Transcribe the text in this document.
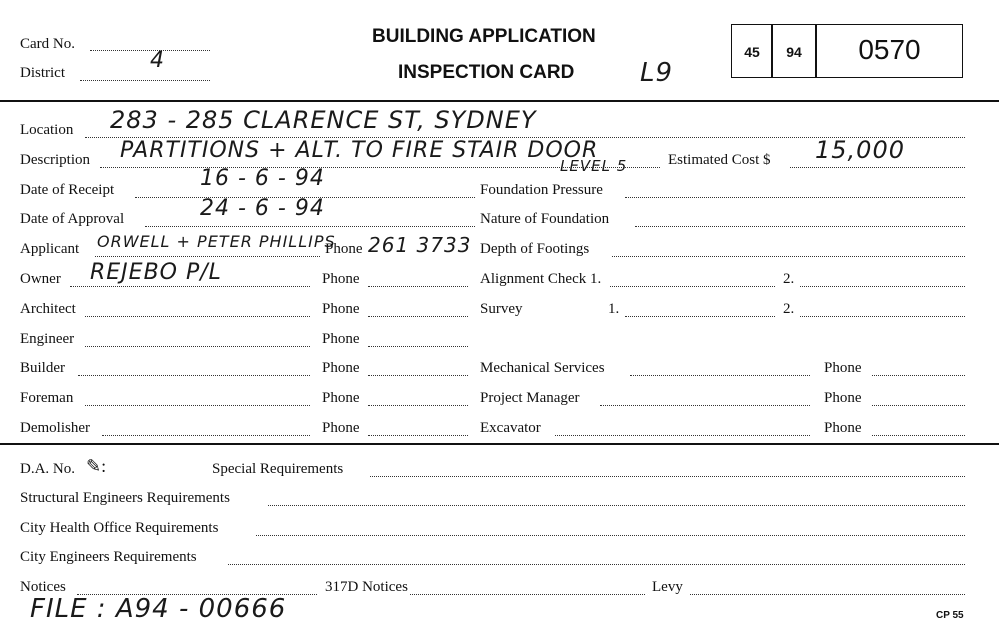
Card No.
District	4
BUILDING APPLICATION
INSPECTION CARD	L9
45	94	0570
Location 283 - 285 CLARENCE ST, SYDNEY
Description PARTITIONS + ALT. TO FIRE STAIR DOOR
LEVEL 5
Date of Receipt	16 - 6 - 94
Date of Approval	24 - 6 - 94
Applicant ORWELL + PETER PHILLIPS
Phone 261 3733
Owner REJEBO P/L	Phone
Architect	Phone
Engineer	Phone
Builder	Phone
Foreman	Phone
Demolisher	Phone
Estimated Cost $ 15,000
Foundation Pressure
Nature of Foundation
Depth of Footings
Alignment Check 1.	2.
Survey	1.	2.
Mechanical Services	Phone
Project Manager	Phone
Excavator	Phone
D.A. No. ✎:	Special Requirements
Structural Engineers Requirements
City Health Office Requirements
City Engineers Requirements
Notices	317D Notices	Levy
FILE : A94 - 00666	CP 55
